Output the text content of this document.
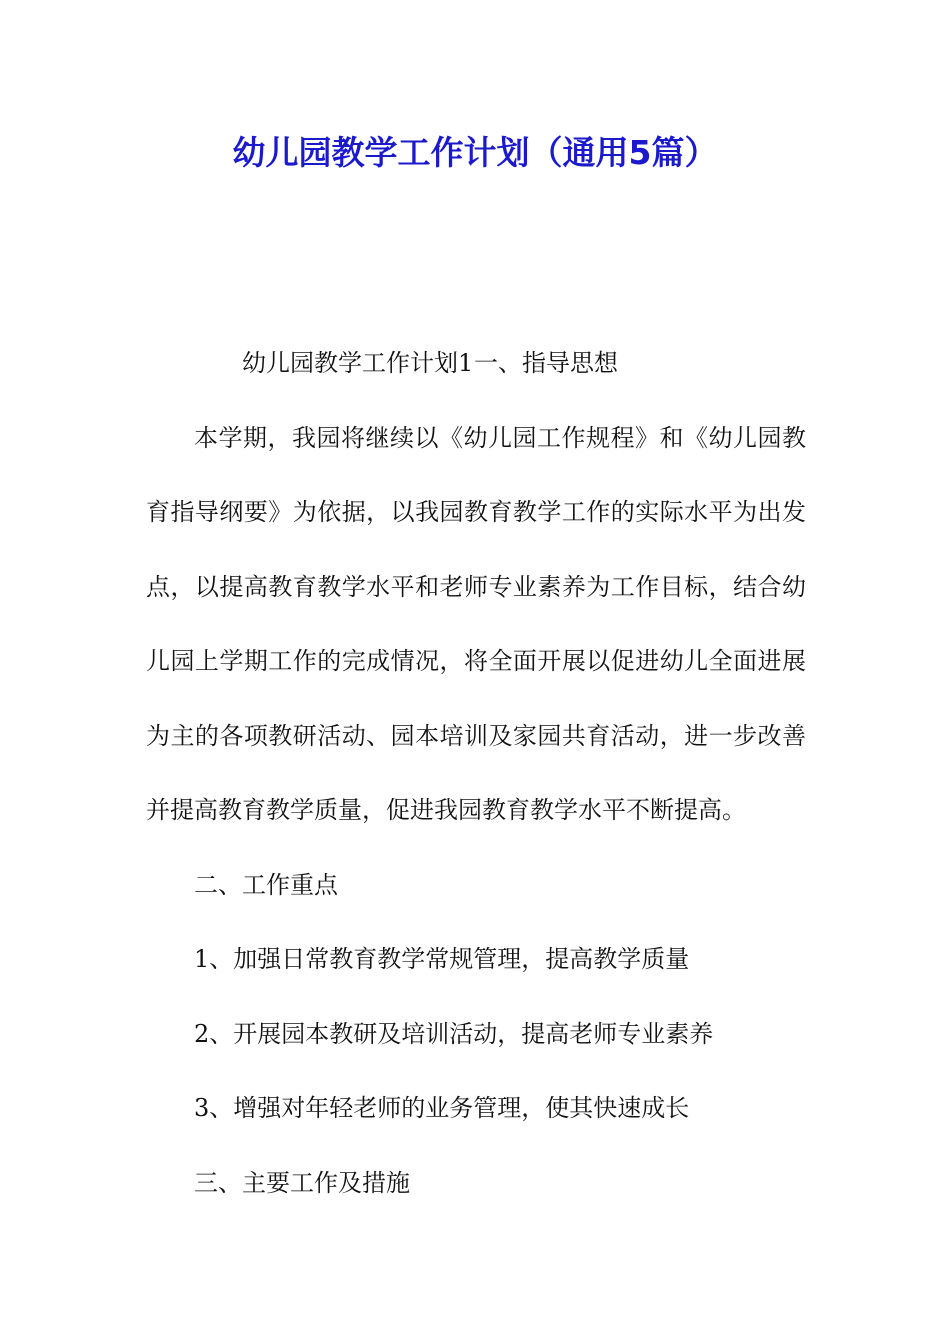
幼儿园教学工作计划（通用5篇）

幼儿园教学工作计划1一、指导思想

本学期，我园将继续以《幼儿园工作规程》和《幼儿园教育指导纲要》为依据，以我园教育教学工作的实际水平为出发点，以提高教育教学水平和老师专业素养为工作目标，结合幼儿园上学期工作的完成情况，将全面开展以促进幼儿全面进展为主的各项教研活动、园本培训及家园共育活动，进一步改善并提高教育教学质量，促进我园教育教学水平不断提高。

二、工作重点

1、加强日常教育教学常规管理，提高教学质量

2、开展园本教研及培训活动，提高老师专业素养

3、增强对年轻老师的业务管理，使其快速成长

三、主要工作及措施
